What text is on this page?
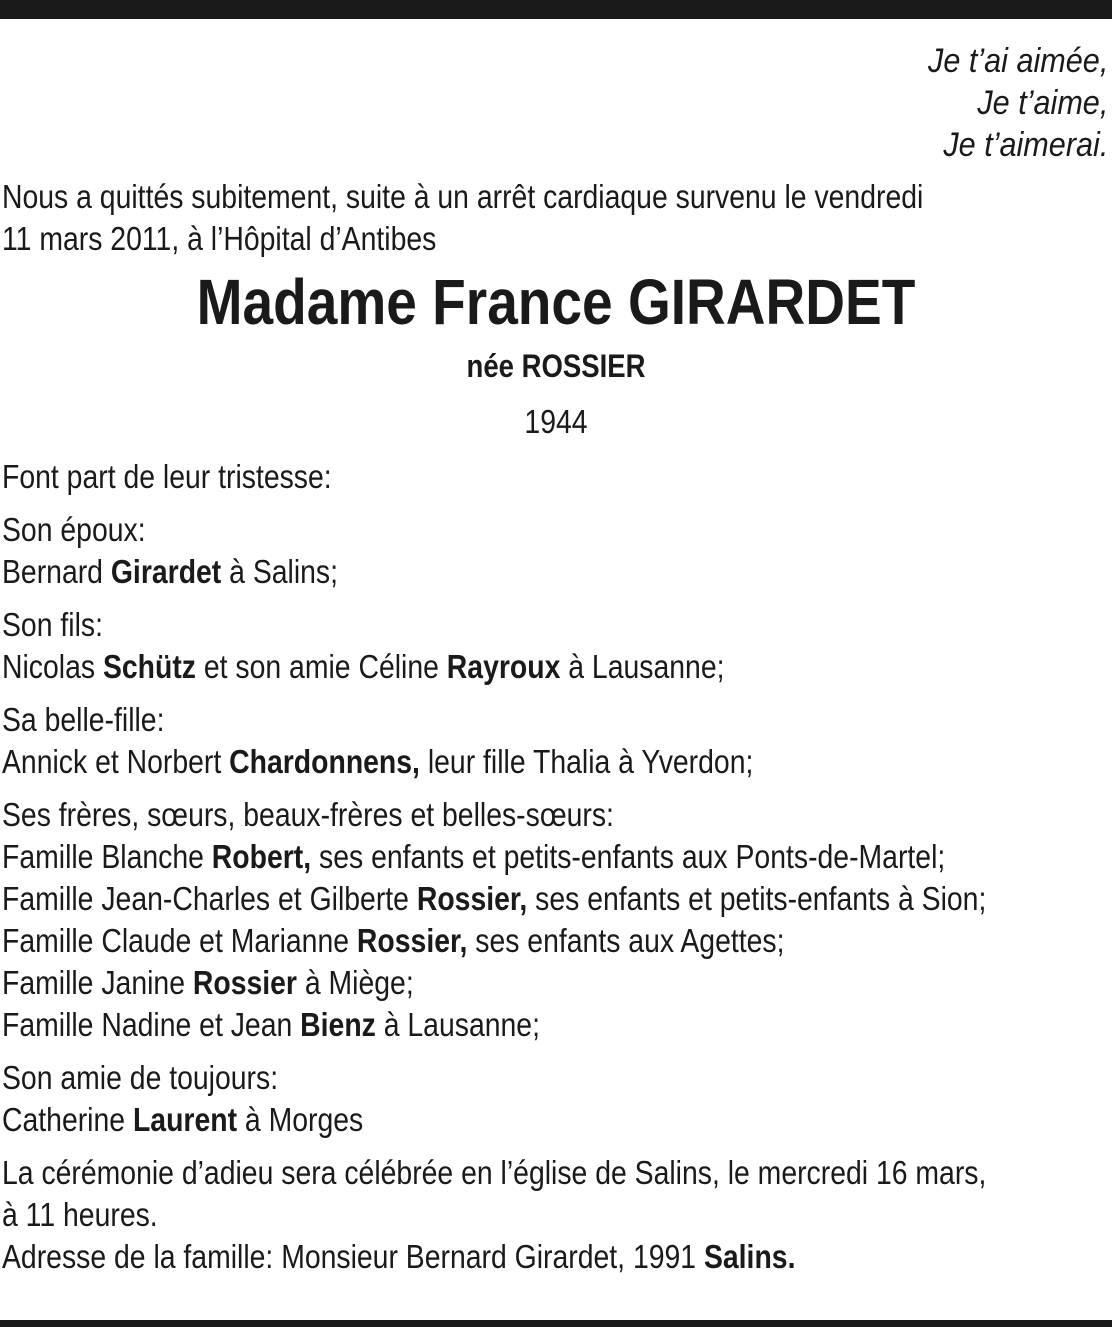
Je t’ai aimée,
Je t’aime,
Je t’aimerai.
Nous a quittés subitement, suite à un arrêt cardiaque survenu le vendredi
11 mars 2011, à l’Hôpital d’Antibes
Madame France GIRARDET
née ROSSIER
1944
Font part de leur tristesse:
Son époux:
Bernard Girardet à Salins;
Son fils:
Nicolas Schütz et son amie Céline Rayroux à Lausanne;
Sa belle-fille:
Annick et Norbert Chardonnens, leur fille Thalia à Yverdon;
Ses frères, sœurs, beaux-frères et belles-sœurs:
Famille Blanche Robert, ses enfants et petits-enfants aux Ponts-de-Martel;
Famille Jean-Charles et Gilberte Rossier, ses enfants et petits-enfants à Sion;
Famille Claude et Marianne Rossier, ses enfants aux Agettes;
Famille Janine Rossier à Miège;
Famille Nadine et Jean Bienz à Lausanne;
Son amie de toujours:
Catherine Laurent à Morges
La cérémonie d’adieu sera célébrée en l’église de Salins, le mercredi 16 mars,
à 11 heures.
Adresse de la famille: Monsieur Bernard Girardet, 1991 Salins.
